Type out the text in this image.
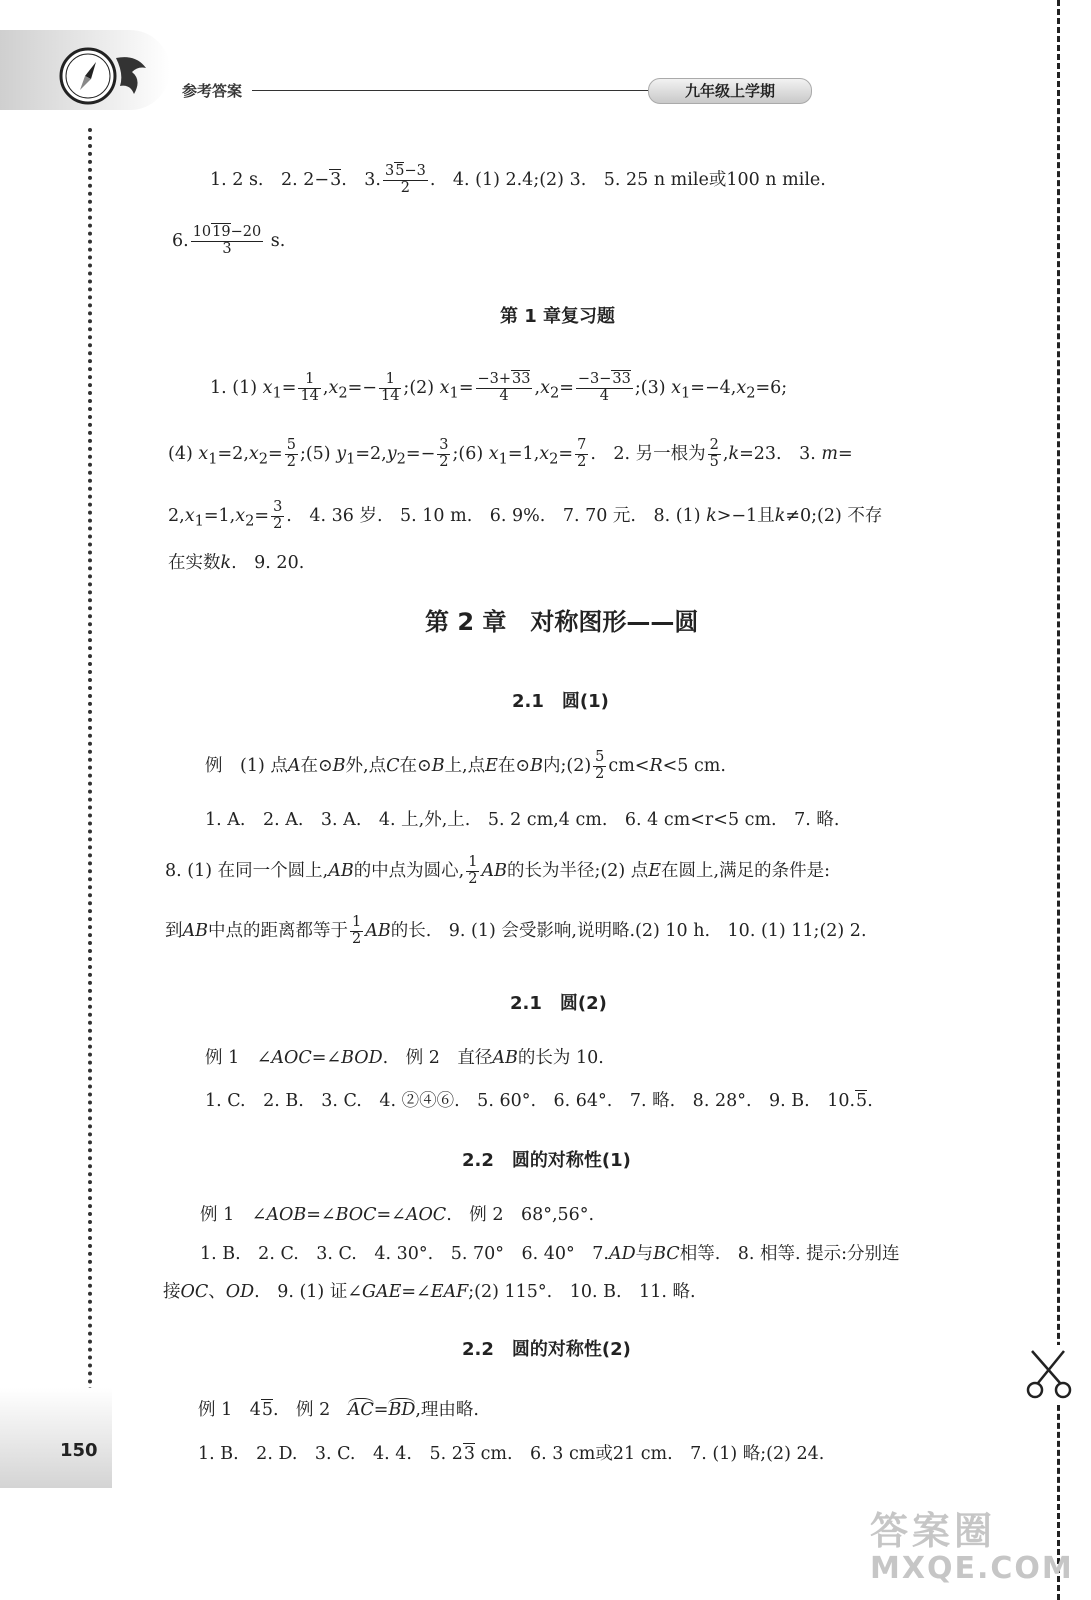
参考答案	九年级上学期
150
1. 2 s.　2. 2−3.　3. $\frac{35-3}{2}$ .　4. (1) 2.4;(2) 3.　5. 25 n mile或100 n mile.
6. $\frac{1019-20}{3} s$.
第 1 章复习题
1. (1) $x_1= \frac{1}{14} ,x_2=- \frac{1}{14}$ ;(2) $x_1= \frac{-3+33}{4} ,x_2= \frac{-3-33}{4}$ ;(3) $x_1=-4,x_2=6$;
(4) $x_1=2,x_2= \frac{5}{2}$ ;(5) $y_1=2,y_2=- \frac{3}{2}$ ;(6) $x_1=1,x_2= \frac{7}{2}$ .　2. 另一根为 $\frac{2}{5} ,k=23$.　3. m=
$2,x_1=1,x_2= \frac{3}{2}$ .　4. 36 岁.　5. 10 m.　6. 9%.　7. 70 元.　8. (1) k>−1且k≠0;(2) 不存
在实数k.　9. 20.
第 2 章　对称图形——圆
2.1　圆(1)
例　(1) 点A在⊙B外,点C在⊙B上,点E在⊙B内;(2) $\frac{5}{2} cm<R<5$ cm.
1. A.　2. A.　3. A.　4. 上,外,上.　5. 2 cm,4 cm.　6. 4 cm<r<5 cm.　7. 略.
8. (1) 在同一个圆上,AB的中点为圆心, $\frac{1}{2}$ AB的长为半径;(2) 点E在圆上,满足的条件是:
到AB中点的距离都等于 $\frac{1}{2}$ AB的长.　9. (1) 会受影响,说明略.(2) 10 h.　10. (1) 11;(2) 2.
2.1　圆(2)
例 1　∠AOC=∠BOD.　例 2　直径AB的长为 10.
1. C.　2. B.　3. C.　4. ②④⑥.　5. 60°.　6. 64°.　7. 略.　8. 28°.　9. B.　10.5.
2.2　圆的对称性(1)
例 1　∠AOB=∠BOC=∠AOC.　例 2　68°,56°.
1. B.　2. C.　3. C.　4. 30°.　5. 70°　6. 40°　7.AD与BC相等.　8. 相等. 提示:分别连
接OC、OD.　9. (1) 证∠GAE=∠EAF;(2) 115°.　10. B.　11. 略.
2.2　圆的对称性(2)
例 1　45.　例 2　AC=BD,理由略.
1. B.　2. D.　3. C.　4. 4.　5. 23 cm.　6. 3 cm或21 cm.　7. (1) 略;(2) 24.
答案圈
MXQE.COM
